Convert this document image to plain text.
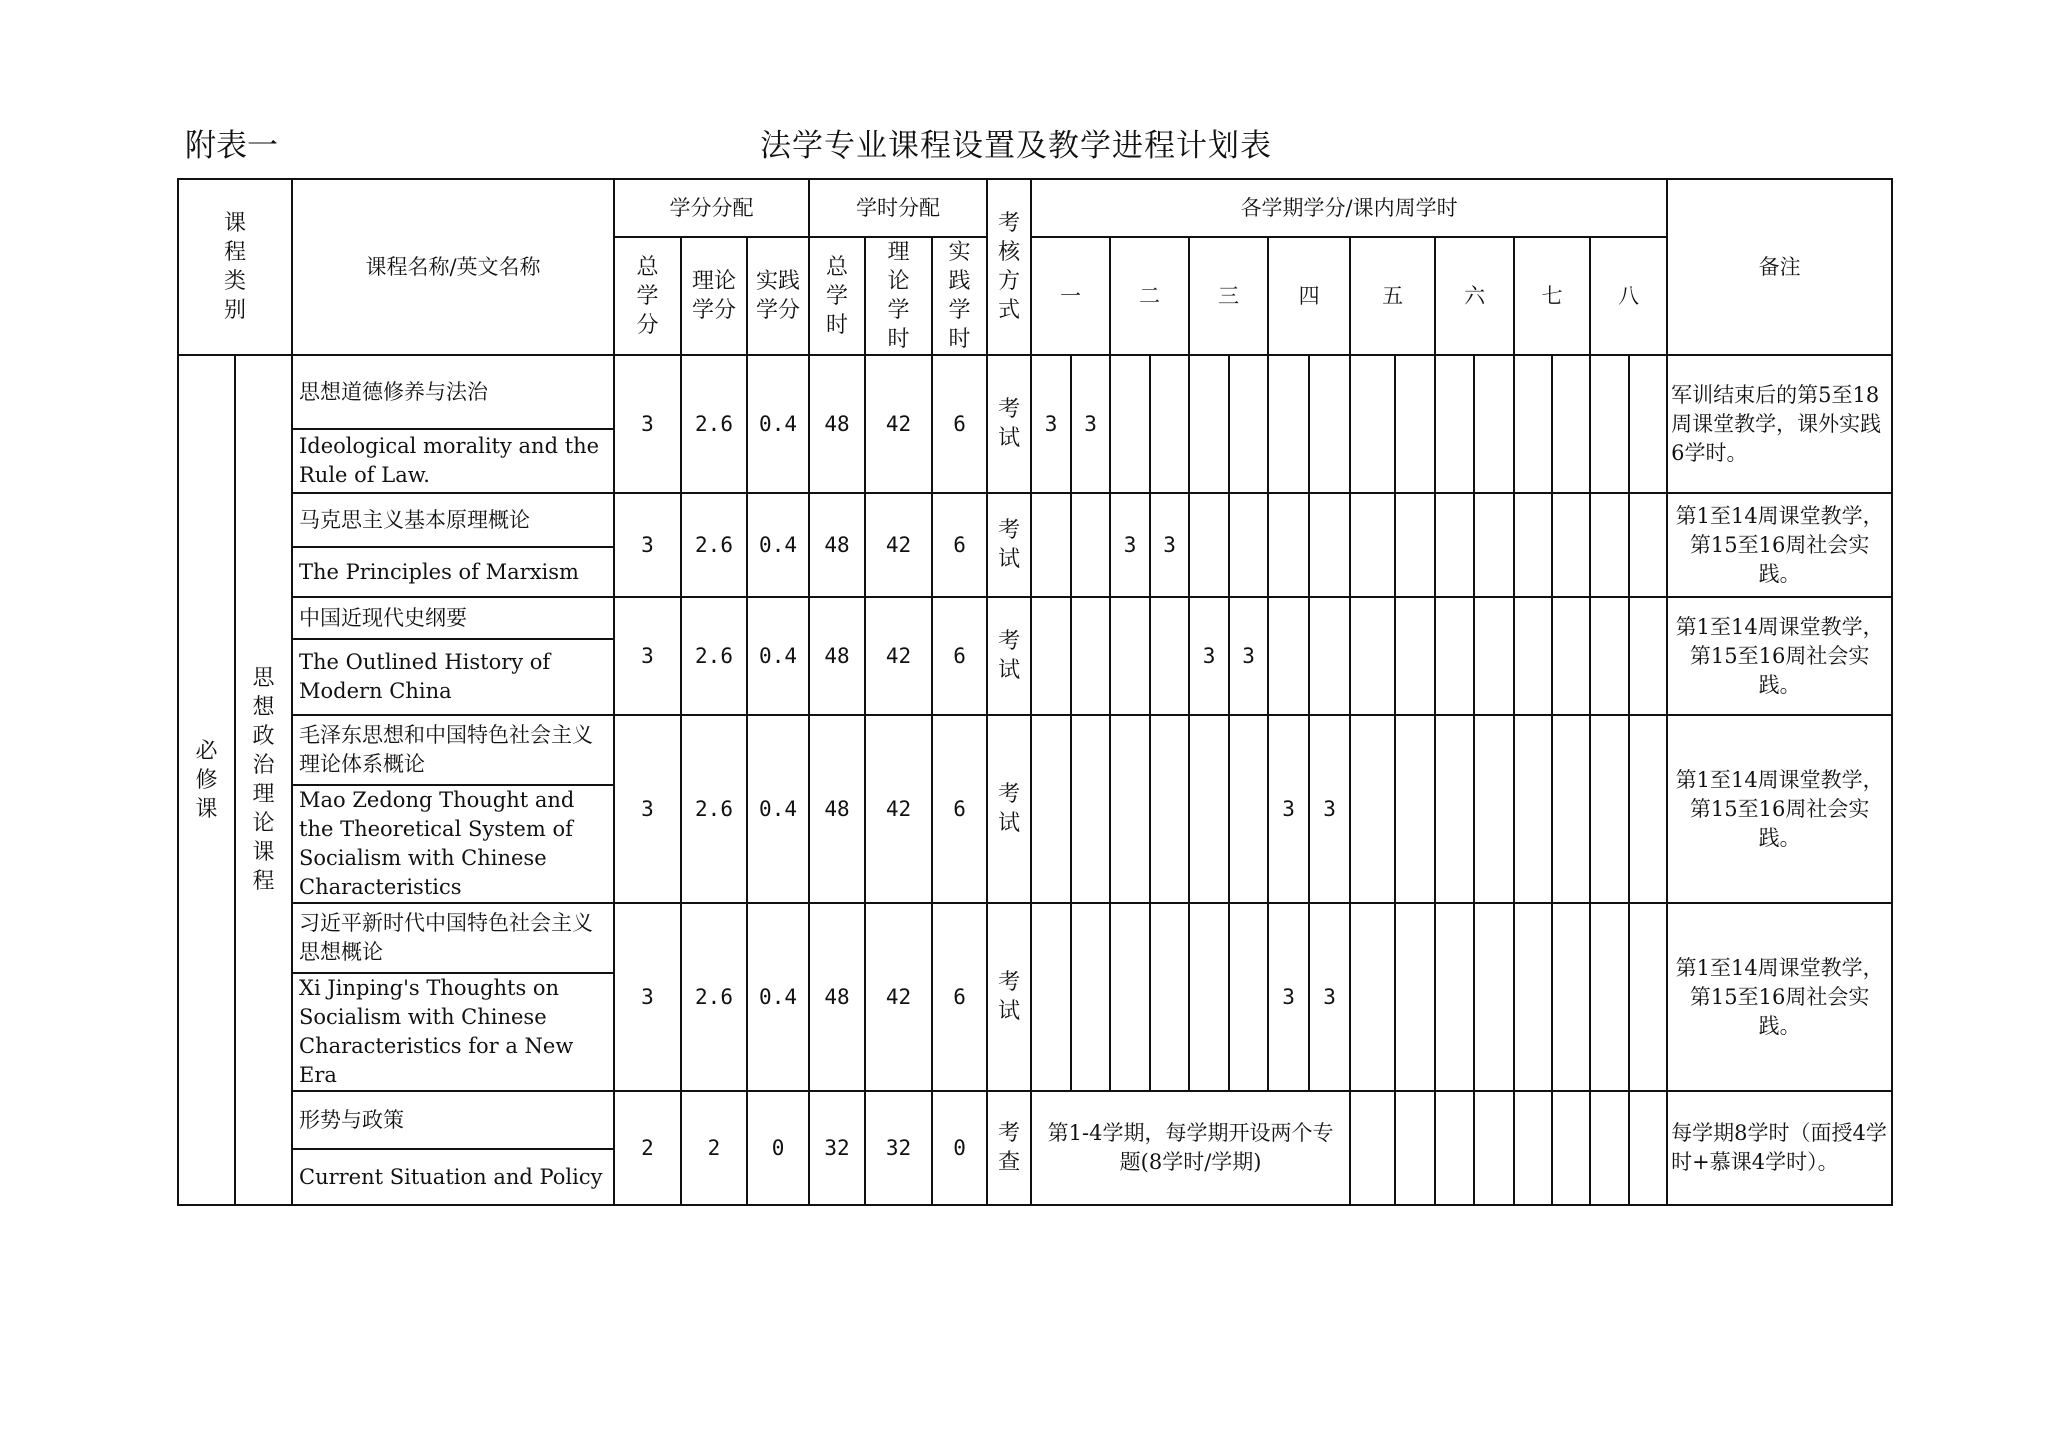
附表一	法学专业课程设置及教学进程计划表
课程类别		课程名称/英文名称	学分分配			学时分配			考核方式	各学期学分/课内周学时																备注
			总学分	理论学分	实践学分	总学时	理论学时	实践学时		一		二		三		四		五		六		七		八		
必修课	思想政治理论课程	思想道德修养与法治	3	2.6	0.4	48	42	6	考试	3	3															军训结束后的第5至18周课堂教学，课外实践6学时。
		Ideological morality and the Rule of Law.																								
		马克思主义基本原理概论	3	2.6	0.4	48	42	6	考试			3	3													第1至14周课堂教学，第15至16周社会实践。
		The Principles of Marxism																								
		中国近现代史纲要	3	2.6	0.4	48	42	6	考试					3	3											第1至14周课堂教学，第15至16周社会实践。
		The Outlined History of Modern China																								
		毛泽东思想和中国特色社会主义理论体系概论	3	2.6	0.4	48	42	6	考试							3	3									第1至14周课堂教学，第15至16周社会实践。
		Mao Zedong Thought and the Theoretical System of Socialism with Chinese Characteristics																								
		习近平新时代中国特色社会主义思想概论	3	2.6	0.4	48	42	6	考试							3	3									第1至14周课堂教学，第15至16周社会实践。
		Xi Jinping's Thoughts on Socialism with Chinese Characteristics for a New Era																								
		形势与政策	2	2	0	32	32	0	考查	第1-4学期，每学期开设两个专题(8学时/学期)																每学期8学时（面授4学时+慕课4学时）。
		Current Situation and Policy																								
